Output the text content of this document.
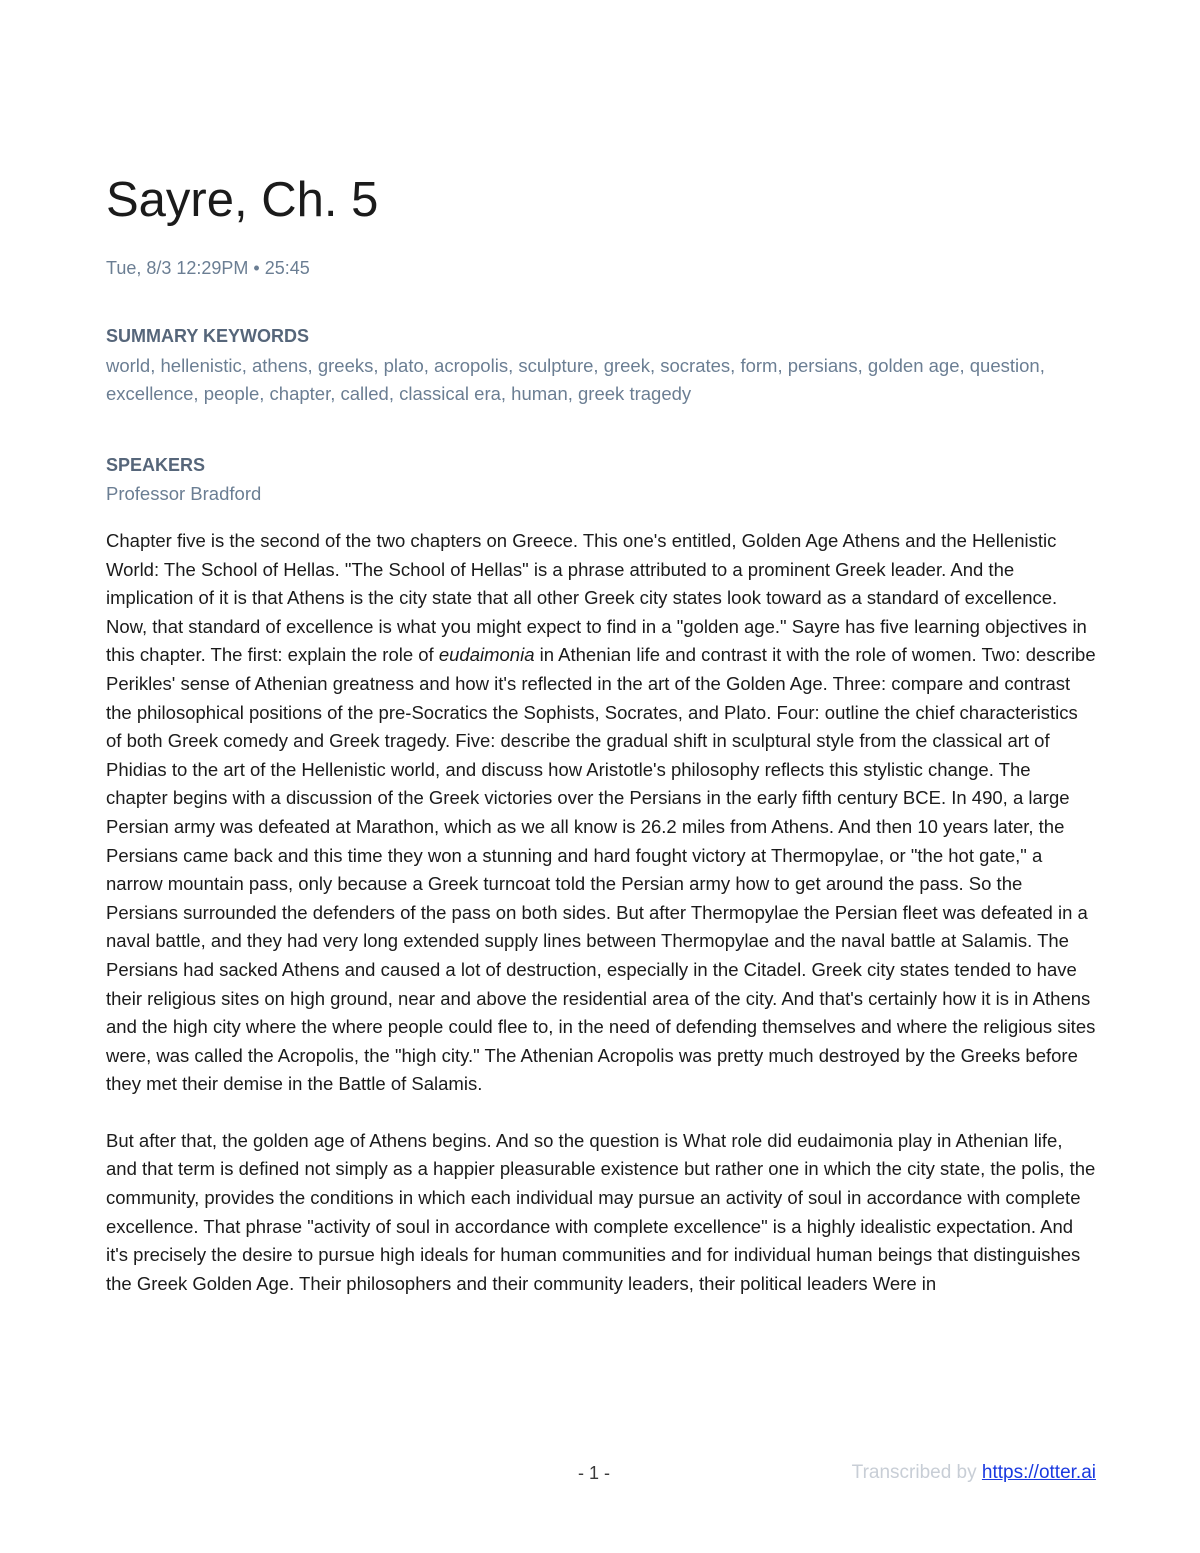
Sayre, Ch. 5
Tue, 8/3 12:29PM • 25:45
SUMMARY KEYWORDS

world, hellenistic, athens, greeks, plato, acropolis, sculpture, greek, socrates, form, persians, golden age, question, excellence, people, chapter, called, classical era, human, greek tragedy

SPEAKERS
Professor Bradford

Chapter five is the second of the two chapters on Greece. This one's entitled, Golden Age Athens and the Hellenistic World: The School of Hellas. "The School of Hellas" is a phrase attributed to a prominent Greek leader. And the implication of it is that Athens is the city state that all other Greek city states look toward as a standard of excellence. Now, that standard of excellence is what you might expect to find in a "golden age." Sayre has five learning objectives in this chapter. The first: explain the role of eudaimonia in Athenian life and contrast it with the role of women. Two: describe Perikles' sense of Athenian greatness and how it's reflected in the art of the Golden Age. Three: compare and contrast the philosophical positions of the pre-Socratics the Sophists, Socrates, and Plato. Four: outline the chief characteristics of both Greek comedy and Greek tragedy. Five: describe the gradual shift in sculptural style from the classical art of Phidias to the art of the Hellenistic world, and discuss how Aristotle's philosophy reflects this stylistic change. The chapter begins with a discussion of the Greek victories over the Persians in the early fifth century BCE. In 490, a large Persian army was defeated at Marathon, which as we all know is 26.2 miles from Athens. And then 10 years later, the Persians came back and this time they won a stunning and hard fought victory at Thermopylae, or "the hot gate," a narrow mountain pass, only because a Greek turncoat told the Persian army how to get around the pass. So the Persians surrounded the defenders of the pass on both sides. But after Thermopylae the Persian fleet was defeated in a naval battle, and they had very long extended supply lines between Thermopylae and the naval battle at Salamis. The Persians had sacked Athens and caused a lot of destruction, especially in the Citadel. Greek city states tended to have their religious sites on high ground, near and above the residential area of the city. And that's certainly how it is in Athens and the high city where the where people could flee to, in the need of defending themselves and where the religious sites were, was called the Acropolis, the "high city." The Athenian Acropolis was pretty much destroyed by the Greeks before they met their demise in the Battle of Salamis.

But after that, the golden age of Athens begins. And so the question is What role did eudaimonia play in Athenian life, and that term is defined not simply as a happier pleasurable existence but rather one in which the city state, the polis, the community, provides the conditions in which each individual may pursue an activity of soul in accordance with complete excellence. That phrase "activity of soul in accordance with complete excellence" is a highly idealistic expectation. And it's precisely the desire to pursue high ideals for human communities and for individual human beings that distinguishes the Greek Golden Age. Their philosophers and their community leaders, their political leaders Were in

- 1 -	Transcribed by https://otter.ai
